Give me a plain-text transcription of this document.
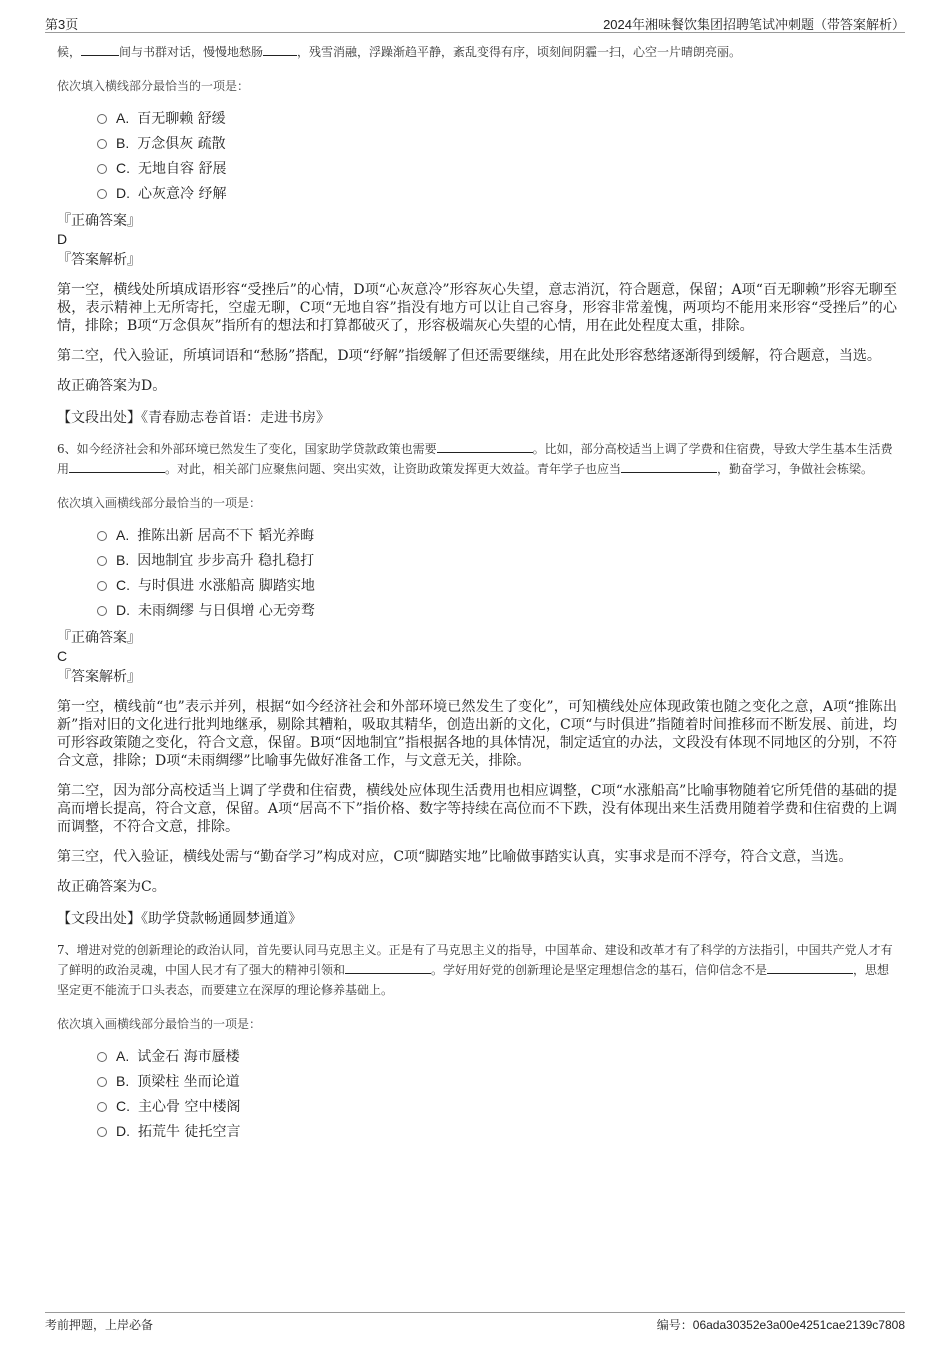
第3页	2024年湘味餐饮集团招聘笔试冲刺题（带答案解析）

候，	间与书群对话，慢慢地愁肠	，残雪消融，浮躁渐趋平静，紊乱变得有序，顷刻间阴霾一扫，心空一片晴朗亮丽。

依次填入横线部分最恰当的一项是：

A. 百无聊赖 舒缓
B. 万念俱灰 疏散
C. 无地自容 舒展
D. 心灰意冷 纾解

『正确答案』

D

『答案解析』

第一空，横线处所填成语形容“受挫后”的心情，D项“心灰意冷”形容灰心失望，意志消沉，符合题意，保留；A项“百无聊赖”形容无聊至极，表示精神上无所寄托，空虚无聊，C项“无地自容”指没有地方可以让自己容身，形容非常羞愧，两项均不能用来形容“受挫后”的心情，排除；B项“万念俱灰”指所有的想法和打算都破灭了，形容极端灰心失望的心情，用在此处程度太重，排除。

第二空，代入验证，所填词语和“愁肠”搭配，D项“纾解”指缓解了但还需要继续，用在此处形容愁绪逐渐得到缓解，符合题意，当选。

故正确答案为D。

【文段出处】《青春励志卷首语：走进书房》

6、如今经济社会和外部环境已然发生了变化，国家助学贷款政策也需要	。比如，部分高校适当上调了学费和住宿费，导致大学生基本生活费用	。对此，相关部门应聚焦问题、突出实效，让资助政策发挥更大效益。青年学子也应当	，勤奋学习，争做社会栋梁。

依次填入画横线部分最恰当的一项是：

A. 推陈出新 居高不下 韬光养晦
B. 因地制宜 步步高升 稳扎稳打
C. 与时俱进 水涨船高 脚踏实地
D. 未雨绸缪 与日俱增 心无旁骛

『正确答案』

C

『答案解析』

第一空，横线前“也”表示并列，根据“如今经济社会和外部环境已然发生了变化”，可知横线处应体现政策也随之变化之意，A项“推陈出新”指对旧的文化进行批判地继承，剔除其糟粕，吸取其精华，创造出新的文化，C项“与时俱进”指随着时间推移而不断发展、前进，均可形容政策随之变化，符合文意，保留。B项“因地制宜”指根据各地的具体情况，制定适宜的办法，文段没有体现不同地区的分别，不符合文意，排除；D项“未雨绸缪”比喻事先做好准备工作，与文意无关，排除。

第二空，因为部分高校适当上调了学费和住宿费，横线处应体现生活费用也相应调整，C项“水涨船高”比喻事物随着它所凭借的基础的提高而增长提高，符合文意，保留。A项“居高不下”指价格、数字等持续在高位而不下跌，没有体现出来生活费用随着学费和住宿费的上调而调整，不符合文意，排除。

第三空，代入验证，横线处需与“勤奋学习”构成对应，C项“脚踏实地”比喻做事踏实认真，实事求是而不浮夸，符合文意，当选。

故正确答案为C。

【文段出处】《助学贷款畅通圆梦通道》

7、增进对党的创新理论的政治认同，首先要认同马克思主义。正是有了马克思主义的指导，中国革命、建设和改革才有了科学的方法指引，中国共产党人才有了鲜明的政治灵魂，中国人民才有了强大的精神引领和	。学好用好党的创新理论是坚定理想信念的基石，信仰信念不是	，思想坚定更不能流于口头表态，而要建立在深厚的理论修养基础上。

依次填入画横线部分最恰当的一项是：

A. 试金石 海市蜃楼
B. 顶梁柱 坐而论道
C. 主心骨 空中楼阁
D. 拓荒牛 徒托空言
考前押题，上岸必备	编号：06ada30352e3a00e4251cae2139c7808
